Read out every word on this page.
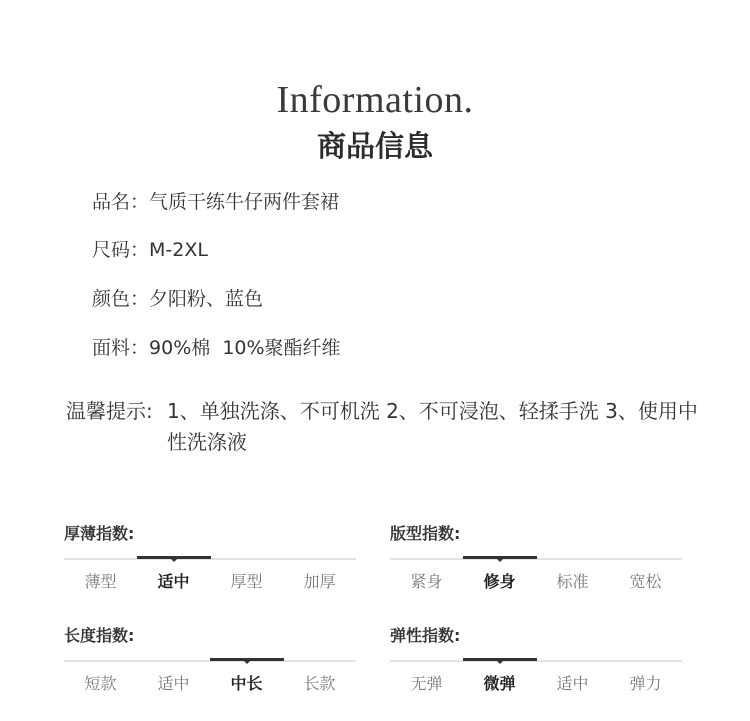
Information.
商品信息
品名：气质干练牛仔两件套裙
尺码：M-2XL
颜色：夕阳粉、蓝色
面料：90%棉  10%聚酯纤维
温馨提示: 1、单独洗涤、不可机洗 2、不可浸泡、轻揉手洗 3、使用中性洗涤液
厚薄指数:
薄型	适中	厚型	加厚
版型指数:
紧身	修身	标准	宽松
长度指数:
短款	适中	中长	长款
弹性指数:
无弹	微弹	适中	弹力
